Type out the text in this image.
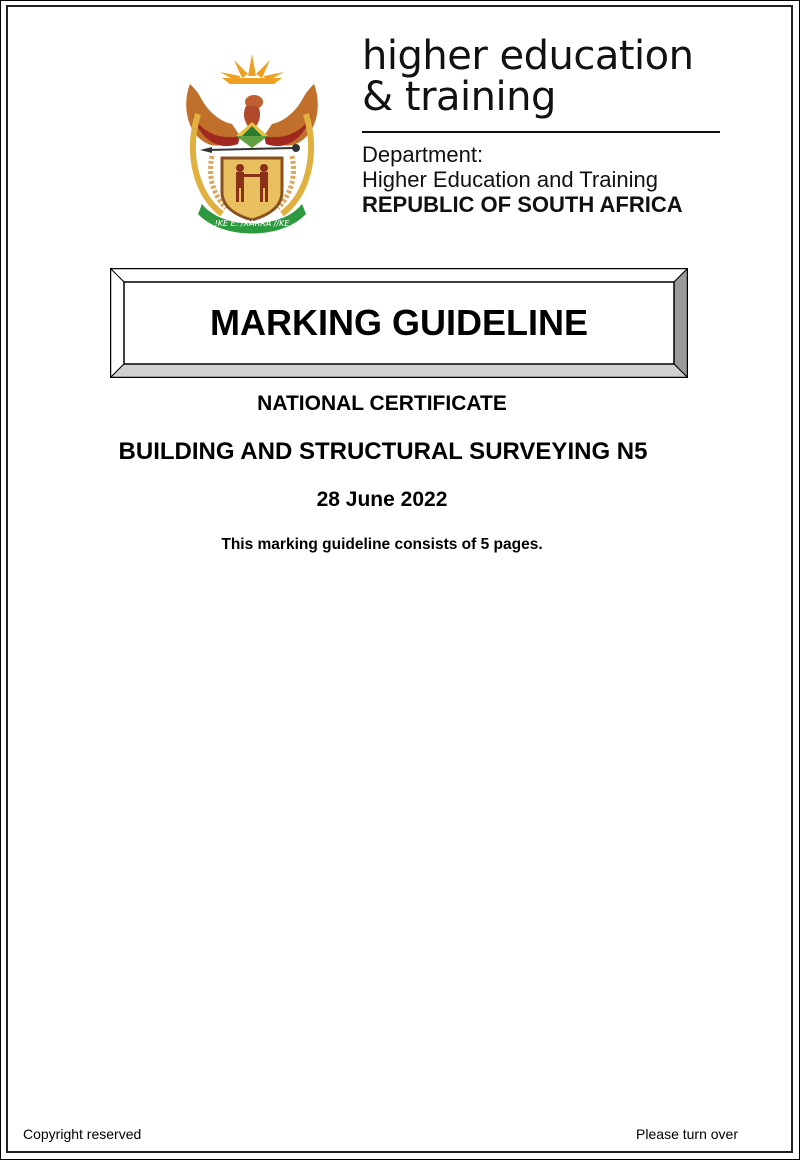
!KE E: /XARRA //KE
higher education
& training
Department:
Higher Education and Training
REPUBLIC OF SOUTH AFRICA
MARKING GUIDELINE
NATIONAL CERTIFICATE
BUILDING AND STRUCTURAL SURVEYING N5
28 June 2022
This marking guideline consists of 5 pages.
Copyright reserved	Please turn over
